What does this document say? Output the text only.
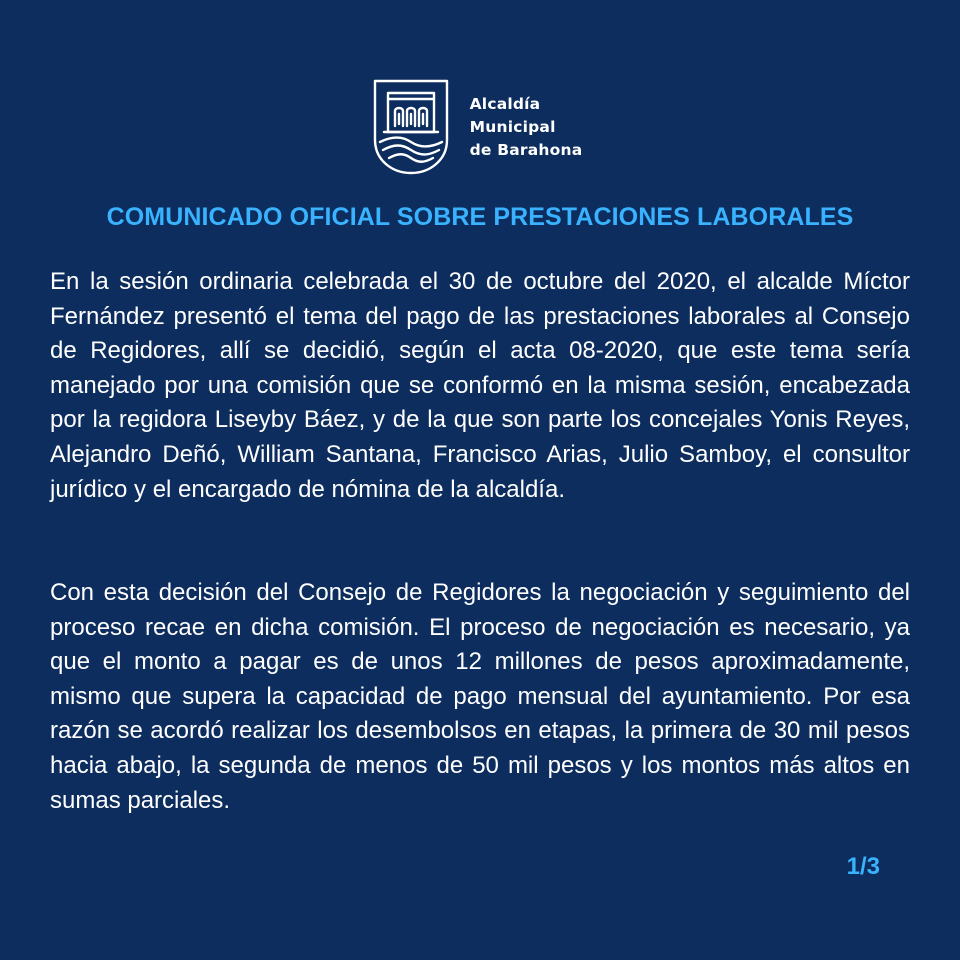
Alcaldía
Municipal
de Barahona
COMUNICADO OFICIAL SOBRE PRESTACIONES LABORALES

En la sesión ordinaria celebrada el 30 de octubre del 2020, el alcalde Míctor Fernández presentó el tema del pago de las prestaciones laborales al Consejo de Regidores, allí se decidió, según el acta 08-2020, que este tema sería manejado por una comisión que se conformó en la misma sesión, encabezada por la regidora Liseyby Báez, y de la que son parte los concejales Yonis Reyes, Alejandro Deñó, William Santana, Francisco Arias, Julio Samboy, el consultor jurídico y el encargado de nómina de la alcaldía.

Con esta decisión del Consejo de Regidores la negociación y seguimiento del proceso recae en dicha comisión. El proceso de negociación es necesario, ya que el monto a pagar es de unos 12 millones de pesos aproximadamente, mismo que supera la capacidad de pago mensual del ayuntamiento. Por esa razón se acordó realizar los desembolsos en etapas, la primera de 30 mil pesos hacia abajo, la segunda de menos de 50 mil pesos y los montos más altos en sumas parciales.

1/3
